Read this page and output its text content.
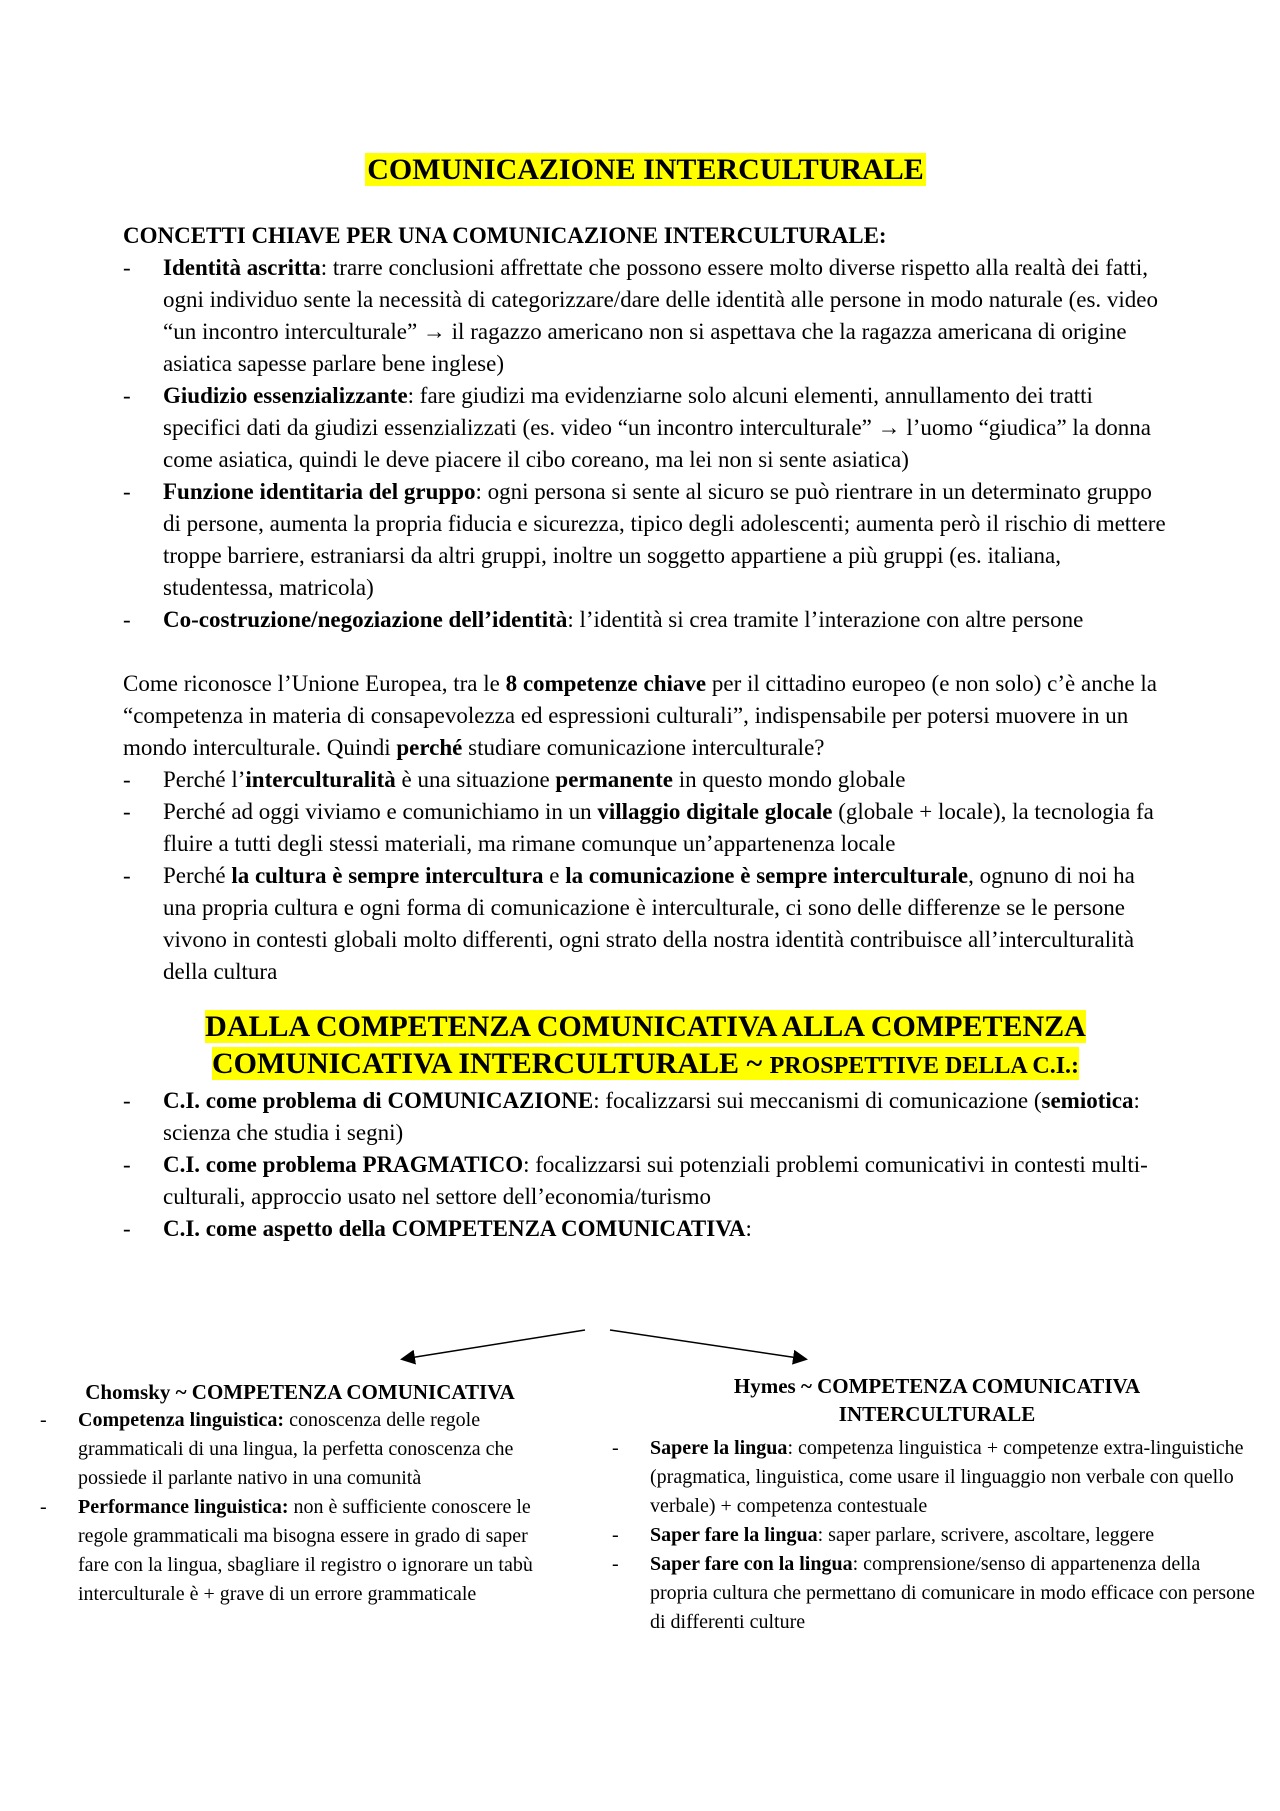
COMUNICAZIONE INTERCULTURALE
CONCETTI CHIAVE PER UNA COMUNICAZIONE INTERCULTURALE:
- Identità ascritta: trarre conclusioni affrettate che possono essere molto diverse rispetto alla realtà dei fatti, ogni individuo sente la necessità di categorizzare/dare delle identità alle persone in modo naturale (es. video “un incontro interculturale” → il ragazzo americano non si aspettava che la ragazza americana di origine asiatica sapesse parlare bene inglese)
- Giudizio essenzializzante: fare giudizi ma evidenziarne solo alcuni elementi, annullamento dei tratti specifici dati da giudizi essenzializzati (es. video “un incontro interculturale” → l’uomo “giudica” la donna come asiatica, quindi le deve piacere il cibo coreano, ma lei non si sente asiatica)
- Funzione identitaria del gruppo: ogni persona si sente al sicuro se può rientrare in un determinato gruppo di persone, aumenta la propria fiducia e sicurezza, tipico degli adolescenti; aumenta però il rischio di mettere troppe barriere, estraniarsi da altri gruppi, inoltre un soggetto appartiene a più gruppi (es. italiana, studentessa, matricola)
- Co-costruzione/negoziazione dell’identità: l’identità si crea tramite l’interazione con altre persone

Come riconosce l’Unione Europea, tra le 8 competenze chiave per il cittadino europeo (e non solo) c’è anche la “competenza in materia di consapevolezza ed espressioni culturali”, indispensabile per potersi muovere in un mondo interculturale. Quindi perché studiare comunicazione interculturale?

- Perché l’interculturalità è una situazione permanente in questo mondo globale
- Perché ad oggi viviamo e comunichiamo in un villaggio digitale glocale (globale + locale), la tecnologia fa fluire a tutti degli stessi materiali, ma rimane comunque un’appartenenza locale
- Perché la cultura è sempre intercultura e la comunicazione è sempre interculturale, ognuno di noi ha una propria cultura e ogni forma di comunicazione è interculturale, ci sono delle differenze se le persone vivono in contesti globali molto differenti, ogni strato della nostra identità contribuisce all’interculturalità della cultura
DALLA COMPETENZA COMUNICATIVA ALLA COMPETENZA
COMUNICATIVA INTERCULTURALE ~ PROSPETTIVE DELLA C.I.:
- C.I. come problema di COMUNICAZIONE: focalizzarsi sui meccanismi di comunicazione (semiotica: scienza che studia i segni)
- C.I. come problema PRAGMATICO: focalizzarsi sui potenziali problemi comunicativi in contesti multi-culturali, approccio usato nel settore dell’economia/turismo
- C.I. come aspetto della COMPETENZA COMUNICATIVA:
Chomsky ~ COMPETENZA COMUNICATIVA
- Competenza linguistica: conoscenza delle regole grammaticali di una lingua, la perfetta conoscenza che possiede il parlante nativo in una comunità
- Performance linguistica: non è sufficiente conoscere le regole grammaticali ma bisogna essere in grado di saper fare con la lingua, sbagliare il registro o ignorare un tabù interculturale è + grave di un errore grammaticale
Hymes ~ COMPETENZA COMUNICATIVA
INTERCULTURALE
- Sapere la lingua: competenza linguistica + competenze extra-linguistiche (pragmatica, linguistica, come usare il linguaggio non verbale con quello verbale) + competenza contestuale
- Saper fare la lingua: saper parlare, scrivere, ascoltare, leggere
- Saper fare con la lingua: comprensione/senso di appartenenza della propria cultura che permettano di comunicare in modo efficace con persone di differenti culture
